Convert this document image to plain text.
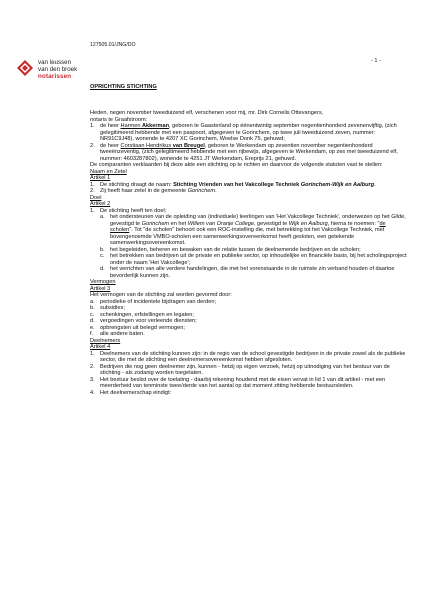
127505.01/JNG/DO
van leussen
van den broek
notarissen
- 1 -
OPRICHTING STICHTING

Heden, negen november tweeduizend elf, verschenen voor mij, mr. Dirk Cornelis Ottevangers,

notaris te Graafstroom:

1. de heer Harmen Akkerman, geboren te Gaasterland op éénentwintig september negentienhonderd zevenenvijftig, (zich gelegitimeerd hebbende met een paspoort, afgegeven te Gorinchem, op twee juli tweeduizend zeven, nummer: NR91C9J48), wonende te 4207 XC Gorinchem, Woelse Donk 75, gehuwd;
2. de heer Corstiaan Hendrikus van Breugel, geboren te Werkendam op zeventien november negentienhonderd tweeënzeventig, (zich gelegitimeerd hebbende met een rijbewijs, afgegeven te Werkendam, op zes mei tweeduizend elf, nummer: 4603287802), wonende te 4251 JT Werkendam, Ereprijs 21, gehuwd.

De comparanten verklaarden bij deze akte een stichting op te richten en daarvoor de volgende statuten vast te stellen:

Naam en Zetel

Artikel 1

1. De stichting draagt de naam: Stichting Vrienden van het Vakcollege Techniek Gorinchem-Wijk en Aalburg.
2. Zij heeft haar zetel in de gemeente Gorinchem.

Doel

Artikel 2

1. De stichting heeft ten doel:
a. het ondersteunen van de opleiding van (individuele) leerlingen van 'Het Vakcollege Techniek', onderwezen op het Gilde, gevestigd te Gorinchem en het Willem van Oranje College, gevestigd te Wijk en Aalburg, hierna te noemen: "de scholen". Tot "de scholen" behoort ook een ROC-instelling die, met betrekking tot het Vakcollege Techniek, met bovengenoemde VMBO-scholen een samenwerkingsovereenkomst heeft gesloten, een getekende samenwerkingsovereenkomst.
b. het begeleiden, beheren en bewaken van de relatie tussen de deelnemende bedrijven en de scholen;
c.	het betrekken van bedrijven uit de private en publieke sector, op inhoudelijke en financiële basis, bij het scholingsproject onder de naam 'Het Vakcollege';
d. het verrichten van alle verdere handelingen, die met het vorenstaande in de ruimste zin verband houden of daartoe bevorderlijk kunnen zijn.

Vermogen

Artikel 3

Het vermogen van de stichting zal worden gevormd door:

a. periodieke of incidentele bijdragen van derden;
b. subsidies;
c.	schenkingen, erfstellingen en legaten;
d. vergoedingen voor verleende diensten;
e. opbrengsten uit belegd vermogen;
f.	alle andere baten.

Deelnemers

Artikel 4

1. Deelnemers van de stichting kunnen zijn: in de regio van de school gevestigde bedrijven in de private zowel als de publieke sector, die met de stichting een deelnemersovereenkomst hebben afgesloten.
2. Bedrijven die nog geen deelnemer zijn, kunnen - hetzij op eigen verzoek, hetzij op uitnodiging van het bestuur van de stichting - als zodanig worden toegelaten.
3. Het bestuur beslist over de toelating - daarbij rekening houdend met de eisen vervat in lid 1 van dit artikel - met een meerderheid van tenminste twee/derde van het aantal op dat moment zitting hebbende bestuursleden.
4. Het deelnemerschap eindigt:
